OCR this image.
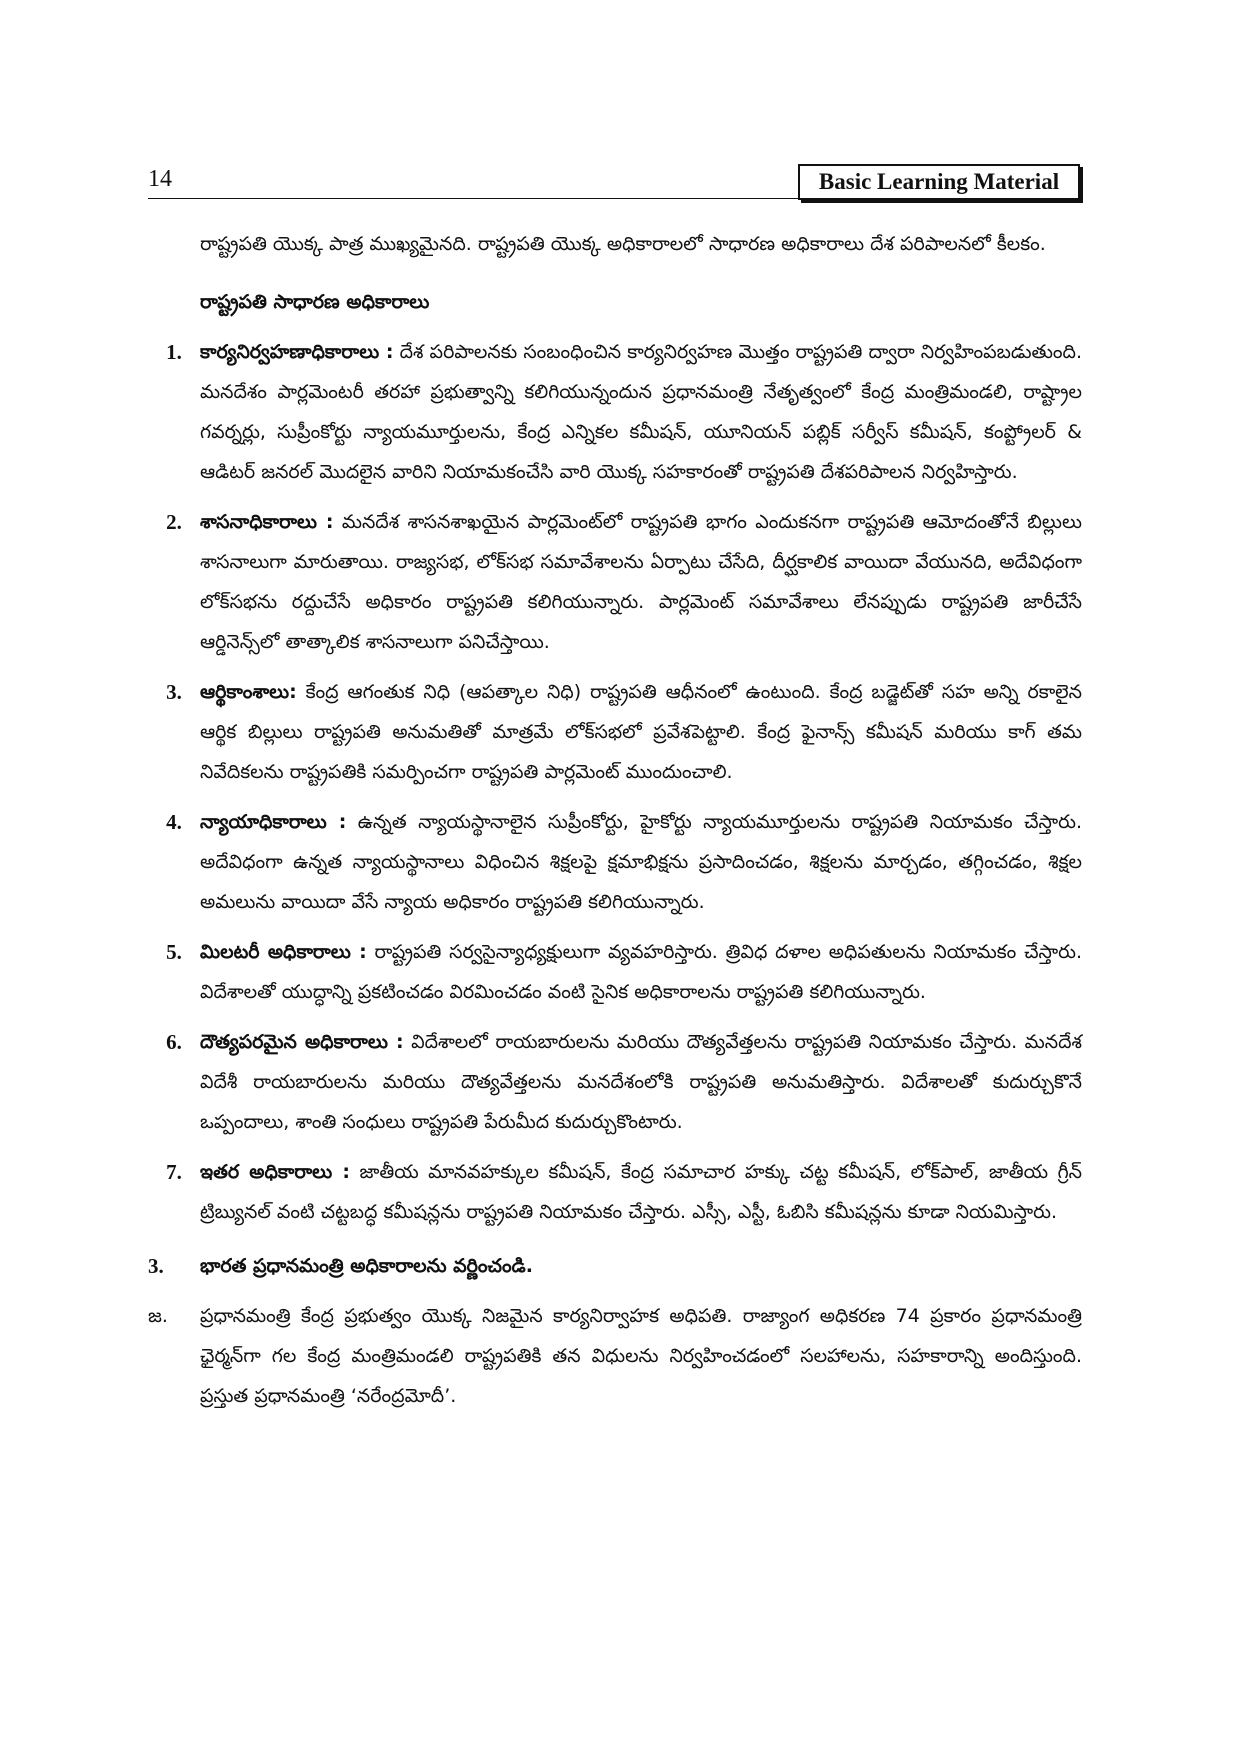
14	Basic Learning Material
రాష్ట్రపతి యొక్క పాత్ర ముఖ్యమైనది. రాష్ట్రపతి యొక్క అధికారాలలో సాధారణ అధికారాలు దేశ పరిపాలనలో కీలకం.
రాష్ట్రపతి సాధారణ అధికారాలు
1. కార్యనిర్వహణాధికారాలు : దేశ పరిపాలనకు సంబంధించిన కార్యనిర్వహణ మొత్తం రాష్ట్రపతి ద్వారా నిర్వహింపబడుతుంది. మనదేశం పార్లమెంటరీ తరహా ప్రభుత్వాన్ని కలిగియున్నందున ప్రధానమంత్రి నేతృత్వంలో కేంద్ర మంత్రిమండలి, రాష్ట్రాల గవర్నర్లు, సుప్రీంకోర్టు న్యాయమూర్తులను, కేంద్ర ఎన్నికల కమీషన్, యూనియన్ పబ్లిక్ సర్వీస్ కమీషన్, కంప్ట్రోలర్ & ఆడిటర్ జనరల్ మొదలైన వారిని నియామకంచేసి వారి యొక్క సహకారంతో రాష్ట్రపతి దేశపరిపాలన నిర్వహిస్తారు.
2. శాసనాధికారాలు : మనదేశ శాసనశాఖయైన పార్లమెంట్‌లో రాష్ట్రపతి భాగం ఎందుకనగా రాష్ట్రపతి ఆమోదంతోనే బిల్లులు శాసనాలుగా మారుతాయి. రాజ్యసభ, లోక్‌సభ సమావేశాలను ఏర్పాటు చేసేది, దీర్ఘకాలిక వాయిదా వేయునది, అదేవిధంగా లోక్‌సభను రద్దుచేసే అధికారం రాష్ట్రపతి కలిగియున్నారు. పార్లమెంట్ సమావేశాలు లేనప్పుడు రాష్ట్రపతి జారీచేసే ఆర్డినెన్స్‌లో తాత్కాలిక శాసనాలుగా పనిచేస్తాయి.
3. ఆర్థికాంశాలు: కేంద్ర ఆగంతుక నిధి (ఆపత్కాల నిధి) రాష్ట్రపతి ఆధీనంలో ఉంటుంది. కేంద్ర బడ్జెట్‌తో సహ అన్ని రకాలైన ఆర్థిక బిల్లులు రాష్ట్రపతి అనుమతితో మాత్రమే లోక్‌సభలో ప్రవేశపెట్టాలి. కేంద్ర ఫైనాన్స్ కమీషన్ మరియు కాగ్ తమ నివేదికలను రాష్ట్రపతికి సమర్పించగా రాష్ట్రపతి పార్లమెంట్ ముందుంచాలి.
4. న్యాయాధికారాలు : ఉన్నత న్యాయస్థానాలైన సుప్రీంకోర్టు, హైకోర్టు న్యాయమూర్తులను రాష్ట్రపతి నియామకం చేస్తారు. అదేవిధంగా ఉన్నత న్యాయస్థానాలు విధించిన శిక్షలపై క్షమాభిక్షను ప్రసాదించడం, శిక్షలను మార్చడం, తగ్గించడం, శిక్షల అమలును వాయిదా వేసే న్యాయ అధికారం రాష్ట్రపతి కలిగియున్నారు.
5. మిలటరీ అధికారాలు : రాష్ట్రపతి సర్వసైన్యాధ్యక్షులుగా వ్యవహరిస్తారు. త్రివిధ దళాల అధిపతులను నియామకం చేస్తారు. విదేశాలతో యుద్ధాన్ని ప్రకటించడం విరమించడం వంటి సైనిక అధికారాలను రాష్ట్రపతి కలిగియున్నారు.
6. దౌత్యపరమైన అధికారాలు : విదేశాలలో రాయబారులను మరియు దౌత్యవేత్తలను రాష్ట్రపతి నియామకం చేస్తారు. మనదేశ విదేశీ రాయబారులను మరియు దౌత్యవేత్తలను మనదేశంలోకి రాష్ట్రపతి అనుమతిస్తారు. విదేశాలతో కుదుర్చుకొనే ఒప్పందాలు, శాంతి సంధులు రాష్ట్రపతి పేరుమీద కుదుర్చుకొంటారు.
7. ఇతర అధికారాలు : జాతీయ మానవహక్కుల కమీషన్, కేంద్ర సమాచార హక్కు చట్ట కమీషన్, లోక్‌పాల్, జాతీయ గ్రీన్ ట్రిబ్యునల్ వంటి చట్టబద్ధ కమీషన్లను రాష్ట్రపతి నియామకం చేస్తారు. ఎస్సీ, ఎస్టీ, ఓబిసి కమీషన్లను కూడా నియమిస్తారు.
3.	భారత ప్రధానమంత్రి అధికారాలను వర్ణించండి.
జ.	ప్రధానమంత్రి కేంద్ర ప్రభుత్వం యొక్క నిజమైన కార్యనిర్వాహక అధిపతి. రాజ్యాంగ అధికరణ 74 ప్రకారం ప్రధానమంత్రి ఛైర్మన్‌గా గల కేంద్ర మంత్రిమండలి రాష్ట్రపతికి తన విధులను నిర్వహించడంలో సలహాలను, సహకారాన్ని అందిస్తుంది. ప్రస్తుత ప్రధానమంత్రి ‘నరేంద్రమోదీ’.
